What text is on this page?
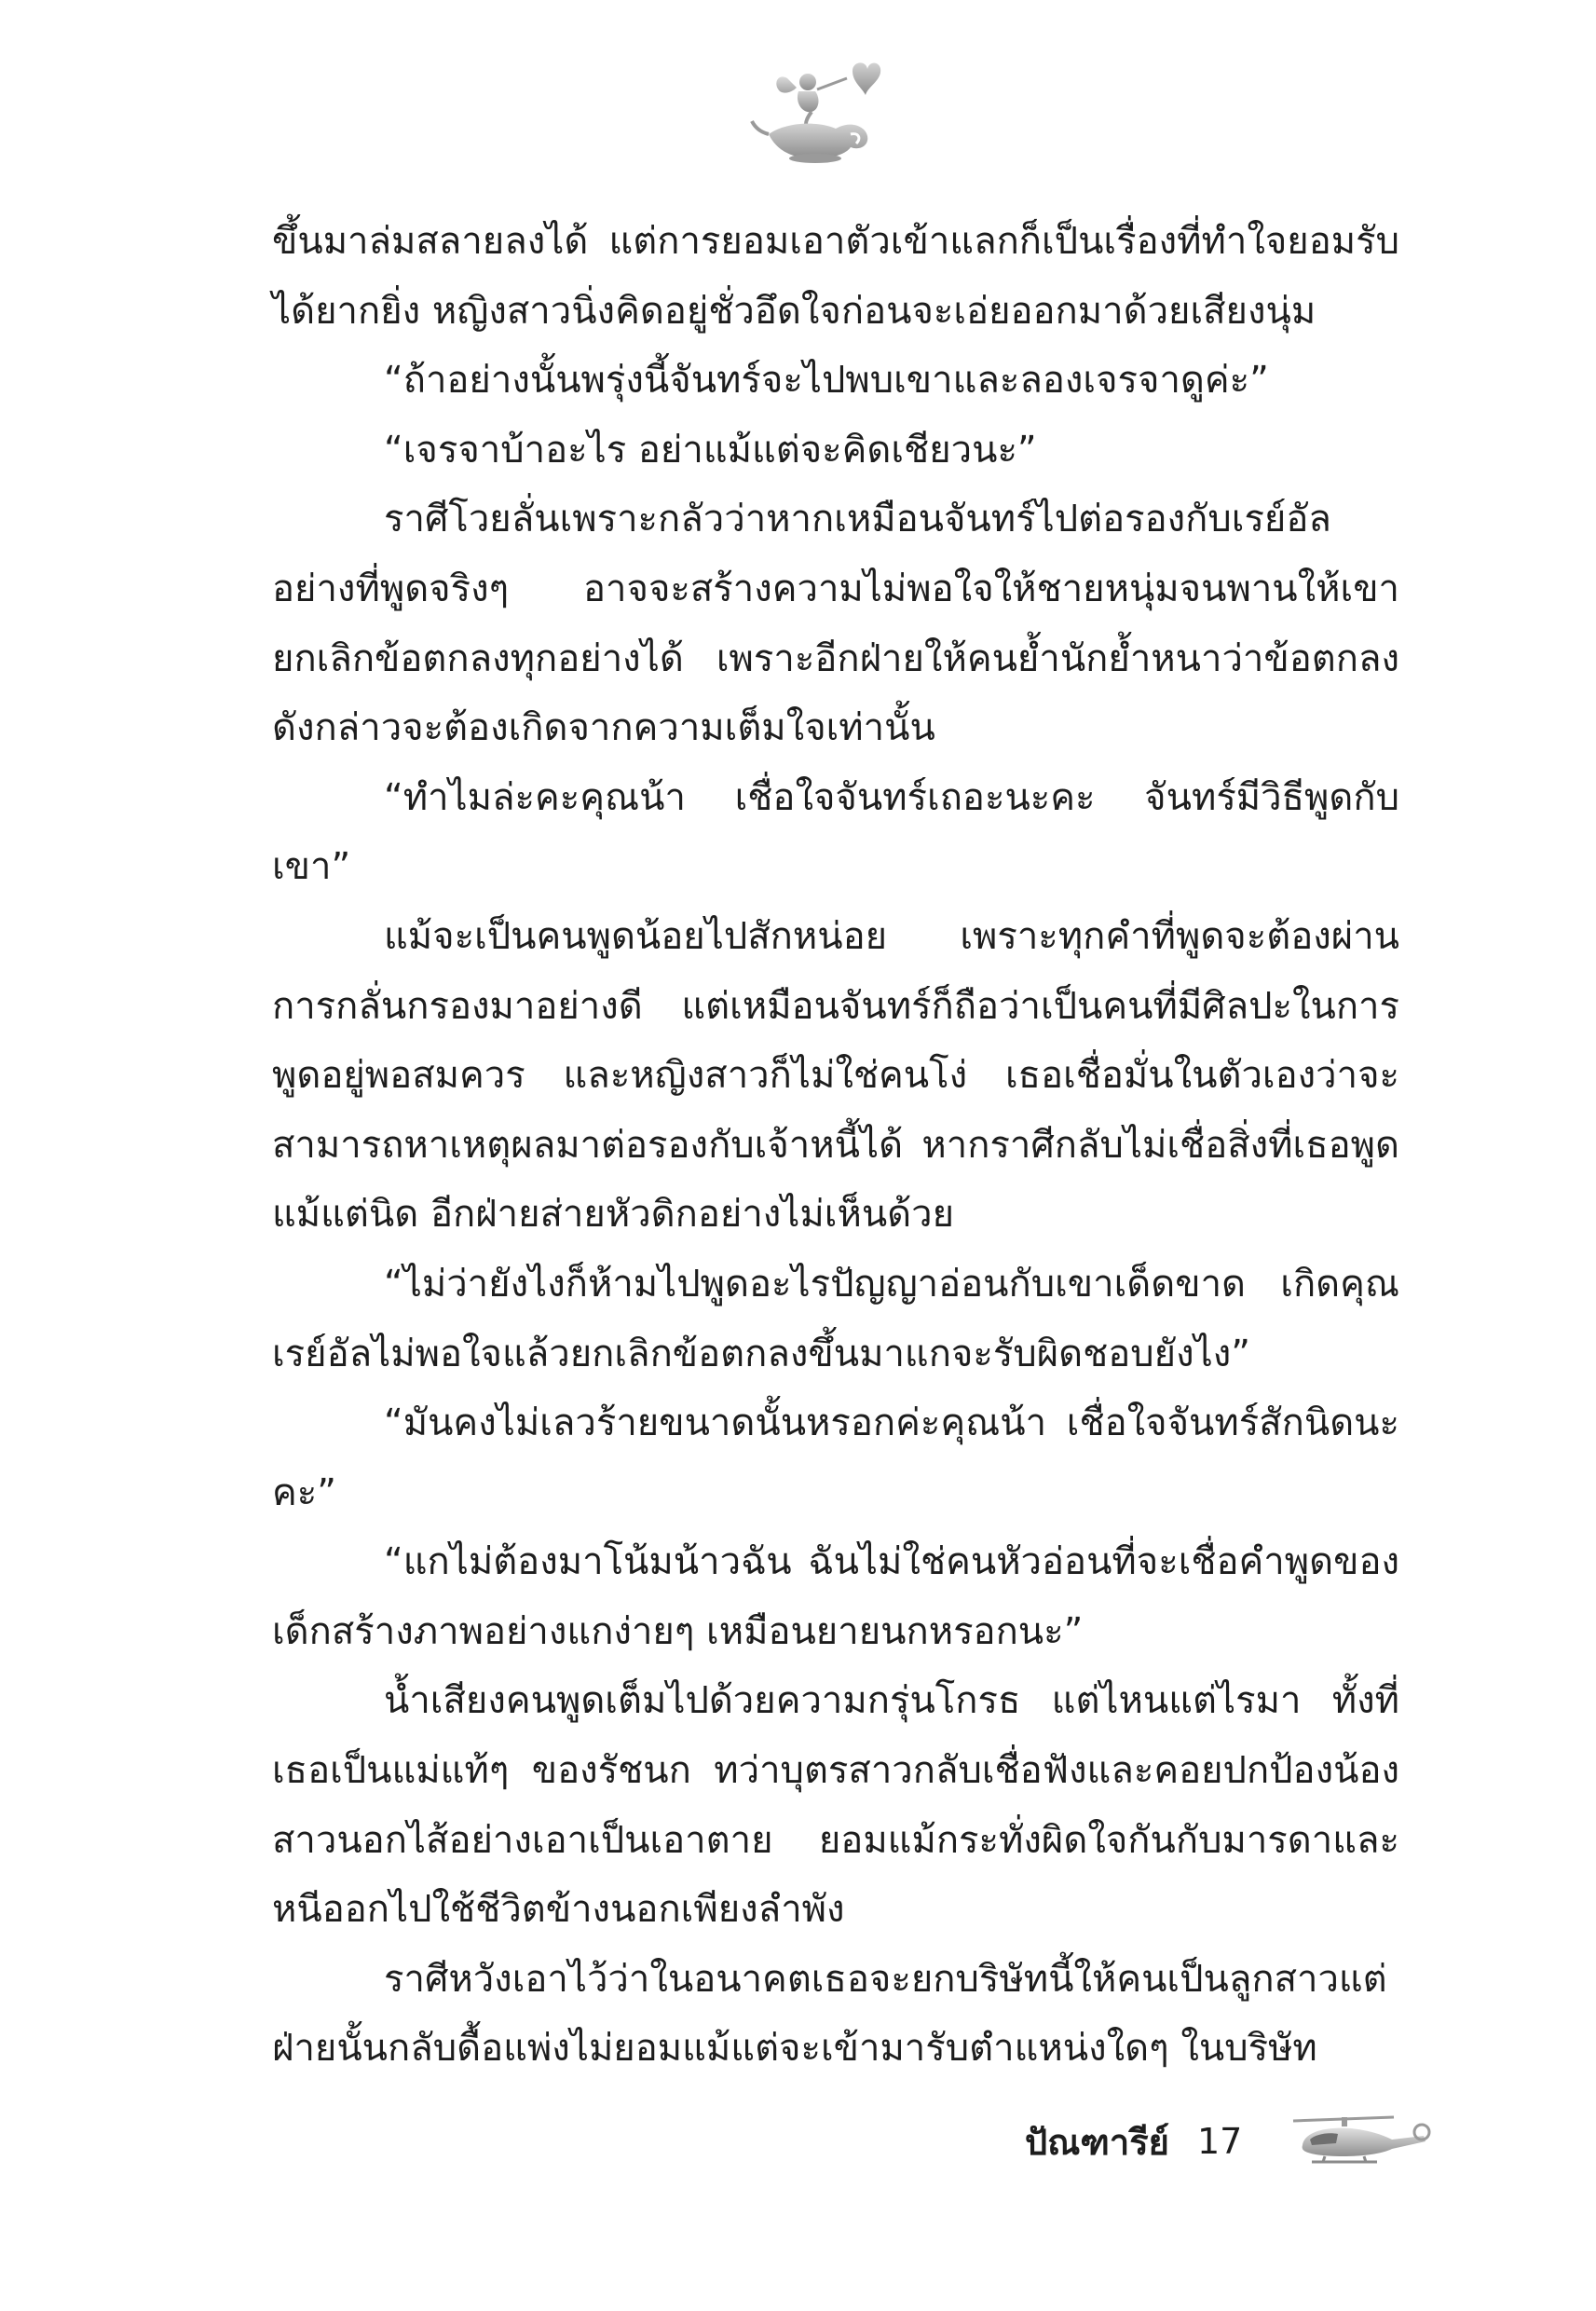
ขึ้นมาล่มสลายลงได้ แต่การยอมเอาตัวเข้าแลกก็เป็นเรื่องที่ทำใจยอมรับได้ยากยิ่ง หญิงสาวนิ่งคิดอยู่ชั่วอึดใจก่อนจะเอ่ยออกมาด้วยเสียงนุ่ม

“ถ้าอย่างนั้นพรุ่งนี้จันทร์จะไปพบเขาและลองเจรจาดูค่ะ”

“เจรจาบ้าอะไร อย่าแม้แต่จะคิดเชียวนะ”

ราศีโวยลั่นเพราะกลัวว่าหากเหมือนจันทร์ไปต่อรองกับเรย์อัลอย่างที่พูดจริงๆ อาจจะสร้างความไม่พอใจให้ชายหนุ่มจนพานให้เขายกเลิกข้อตกลงทุกอย่างได้ เพราะอีกฝ่ายให้คนย้ำนักย้ำหนาว่าข้อตกลงดังกล่าวจะต้องเกิดจากความเต็มใจเท่านั้น

“ทำไมล่ะคะคุณน้า เชื่อใจจันทร์เถอะนะคะ จันทร์มีวิธีพูดกับเขา”

แม้จะเป็นคนพูดน้อยไปสักหน่อย เพราะทุกคำที่พูดจะต้องผ่านการกลั่นกรองมาอย่างดี แต่เหมือนจันทร์ก็ถือว่าเป็นคนที่มีศิลปะในการพูดอยู่พอสมควร และหญิงสาวก็ไม่ใช่คนโง่ เธอเชื่อมั่นในตัวเองว่าจะสามารถหาเหตุผลมาต่อรองกับเจ้าหนี้ได้ หากราศีกลับไม่เชื่อสิ่งที่เธอพูดแม้แต่นิด อีกฝ่ายส่ายหัวดิกอย่างไม่เห็นด้วย

“ไม่ว่ายังไงก็ห้ามไปพูดอะไรปัญญาอ่อนกับเขาเด็ดขาด เกิดคุณเรย์อัลไม่พอใจแล้วยกเลิกข้อตกลงขึ้นมาแกจะรับผิดชอบยังไง”

“มันคงไม่เลวร้ายขนาดนั้นหรอกค่ะคุณน้า เชื่อใจจันทร์สักนิดนะคะ”

“แกไม่ต้องมาโน้มน้าวฉัน ฉันไม่ใช่คนหัวอ่อนที่จะเชื่อคำพูดของเด็กสร้างภาพอย่างแกง่ายๆ เหมือนยายนกหรอกนะ”

น้ำเสียงคนพูดเต็มไปด้วยความกรุ่นโกรธ แต่ไหนแต่ไรมา ทั้งที่เธอเป็นแม่แท้ๆ ของรัชนก ทว่าบุตรสาวกลับเชื่อฟังและคอยปกป้องน้องสาวนอกไส้อย่างเอาเป็นเอาตาย ยอมแม้กระทั่งผิดใจกันกับมารดาและหนีออกไปใช้ชีวิตข้างนอกเพียงลำพัง

ราศีหวังเอาไว้ว่าในอนาคตเธอจะยกบริษัทนี้ให้คนเป็นลูกสาวแต่ฝ่ายนั้นกลับดื้อแพ่งไม่ยอมแม้แต่จะเข้ามารับตำแหน่งใดๆ ในบริษัท

ปัณฑารีย์ 17
